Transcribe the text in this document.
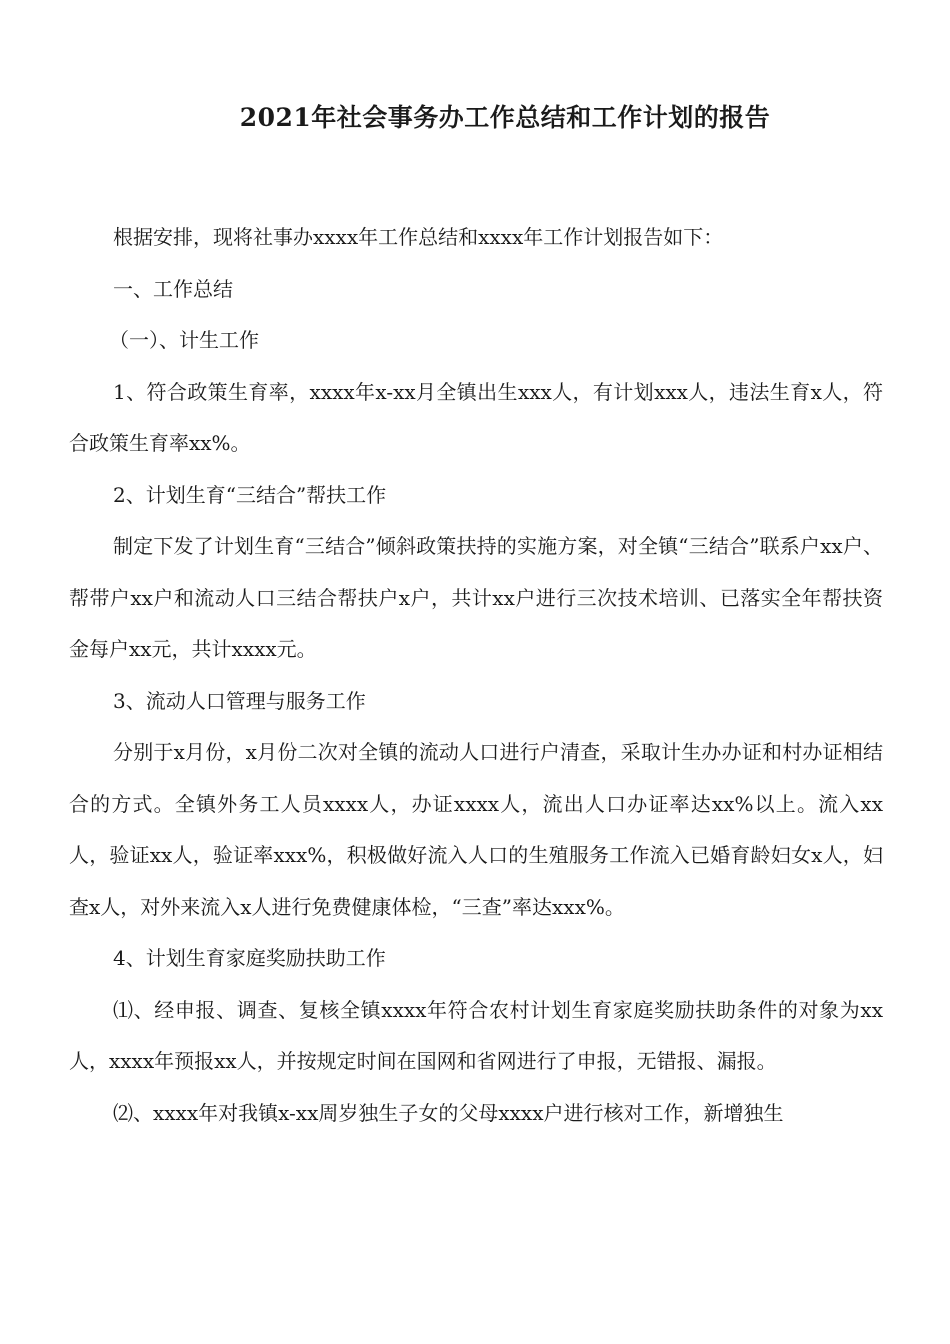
2021年社会事务办工作总结和工作计划的报告

根据安排，现将社事办xxxx年工作总结和xxxx年工作计划报告如下：

一、工作总结

（一）、计生工作

1、符合政策生育率，xxxx年x-xx月全镇出生xxx人，有计划xxx人，违法生育x人，符合政策生育率xx%。

2、计划生育“三结合”帮扶工作

制定下发了计划生育“三结合”倾斜政策扶持的实施方案，对全镇“三结合”联系户xx户、帮带户xx户和流动人口三结合帮扶户x户，共计xx户进行三次技术培训、已落实全年帮扶资金每户xx元，共计xxxx元。

3、流动人口管理与服务工作

分别于x月份，x月份二次对全镇的流动人口进行户清查，采取计生办办证和村办证相结合的方式。全镇外务工人员xxxx人，办证xxxx人，流出人口办证率达xx%以上。流入xx人，验证xx人，验证率xxx%，积极做好流入人口的生殖服务工作流入已婚育龄妇女x人，妇查x人，对外来流入x人进行免费健康体检，“三查”率达xxx%。

4、计划生育家庭奖励扶助工作

⑴、经申报、调查、复核全镇xxxx年符合农村计划生育家庭奖励扶助条件的对象为xx人，xxxx年预报xx人，并按规定时间在国网和省网进行了申报，无错报、漏报。

⑵、xxxx年对我镇x-xx周岁独生子女的父母xxxx户进行核对工作，新增独生
